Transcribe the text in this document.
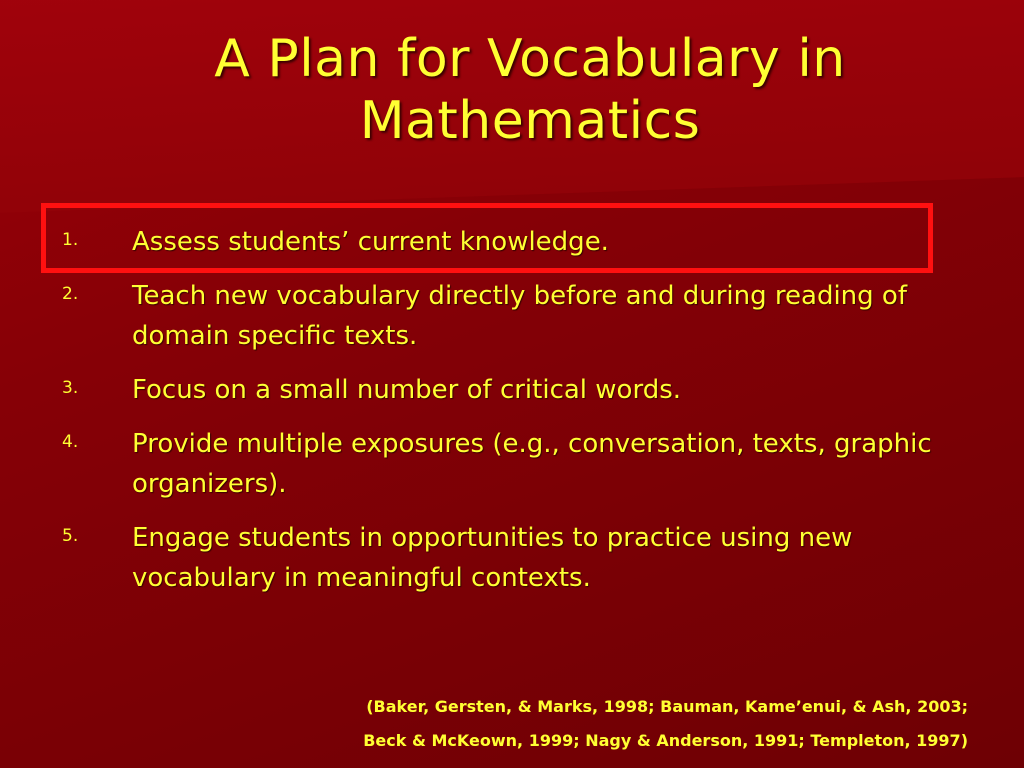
A Plan for Vocabulary in Mathematics
1. Assess students’ current knowledge.
2. Teach new vocabulary directly before and during reading of domain specific texts.
3. Focus on a small number of critical words.
4. Provide multiple exposures (e.g., conversation, texts, graphic organizers).
5. Engage students in opportunities to practice using new vocabulary in meaningful contexts.
(Baker, Gersten, & Marks, 1998; Bauman, Kame’enui, & Ash, 2003;
Beck & McKeown, 1999; Nagy & Anderson, 1991; Templeton, 1997)
